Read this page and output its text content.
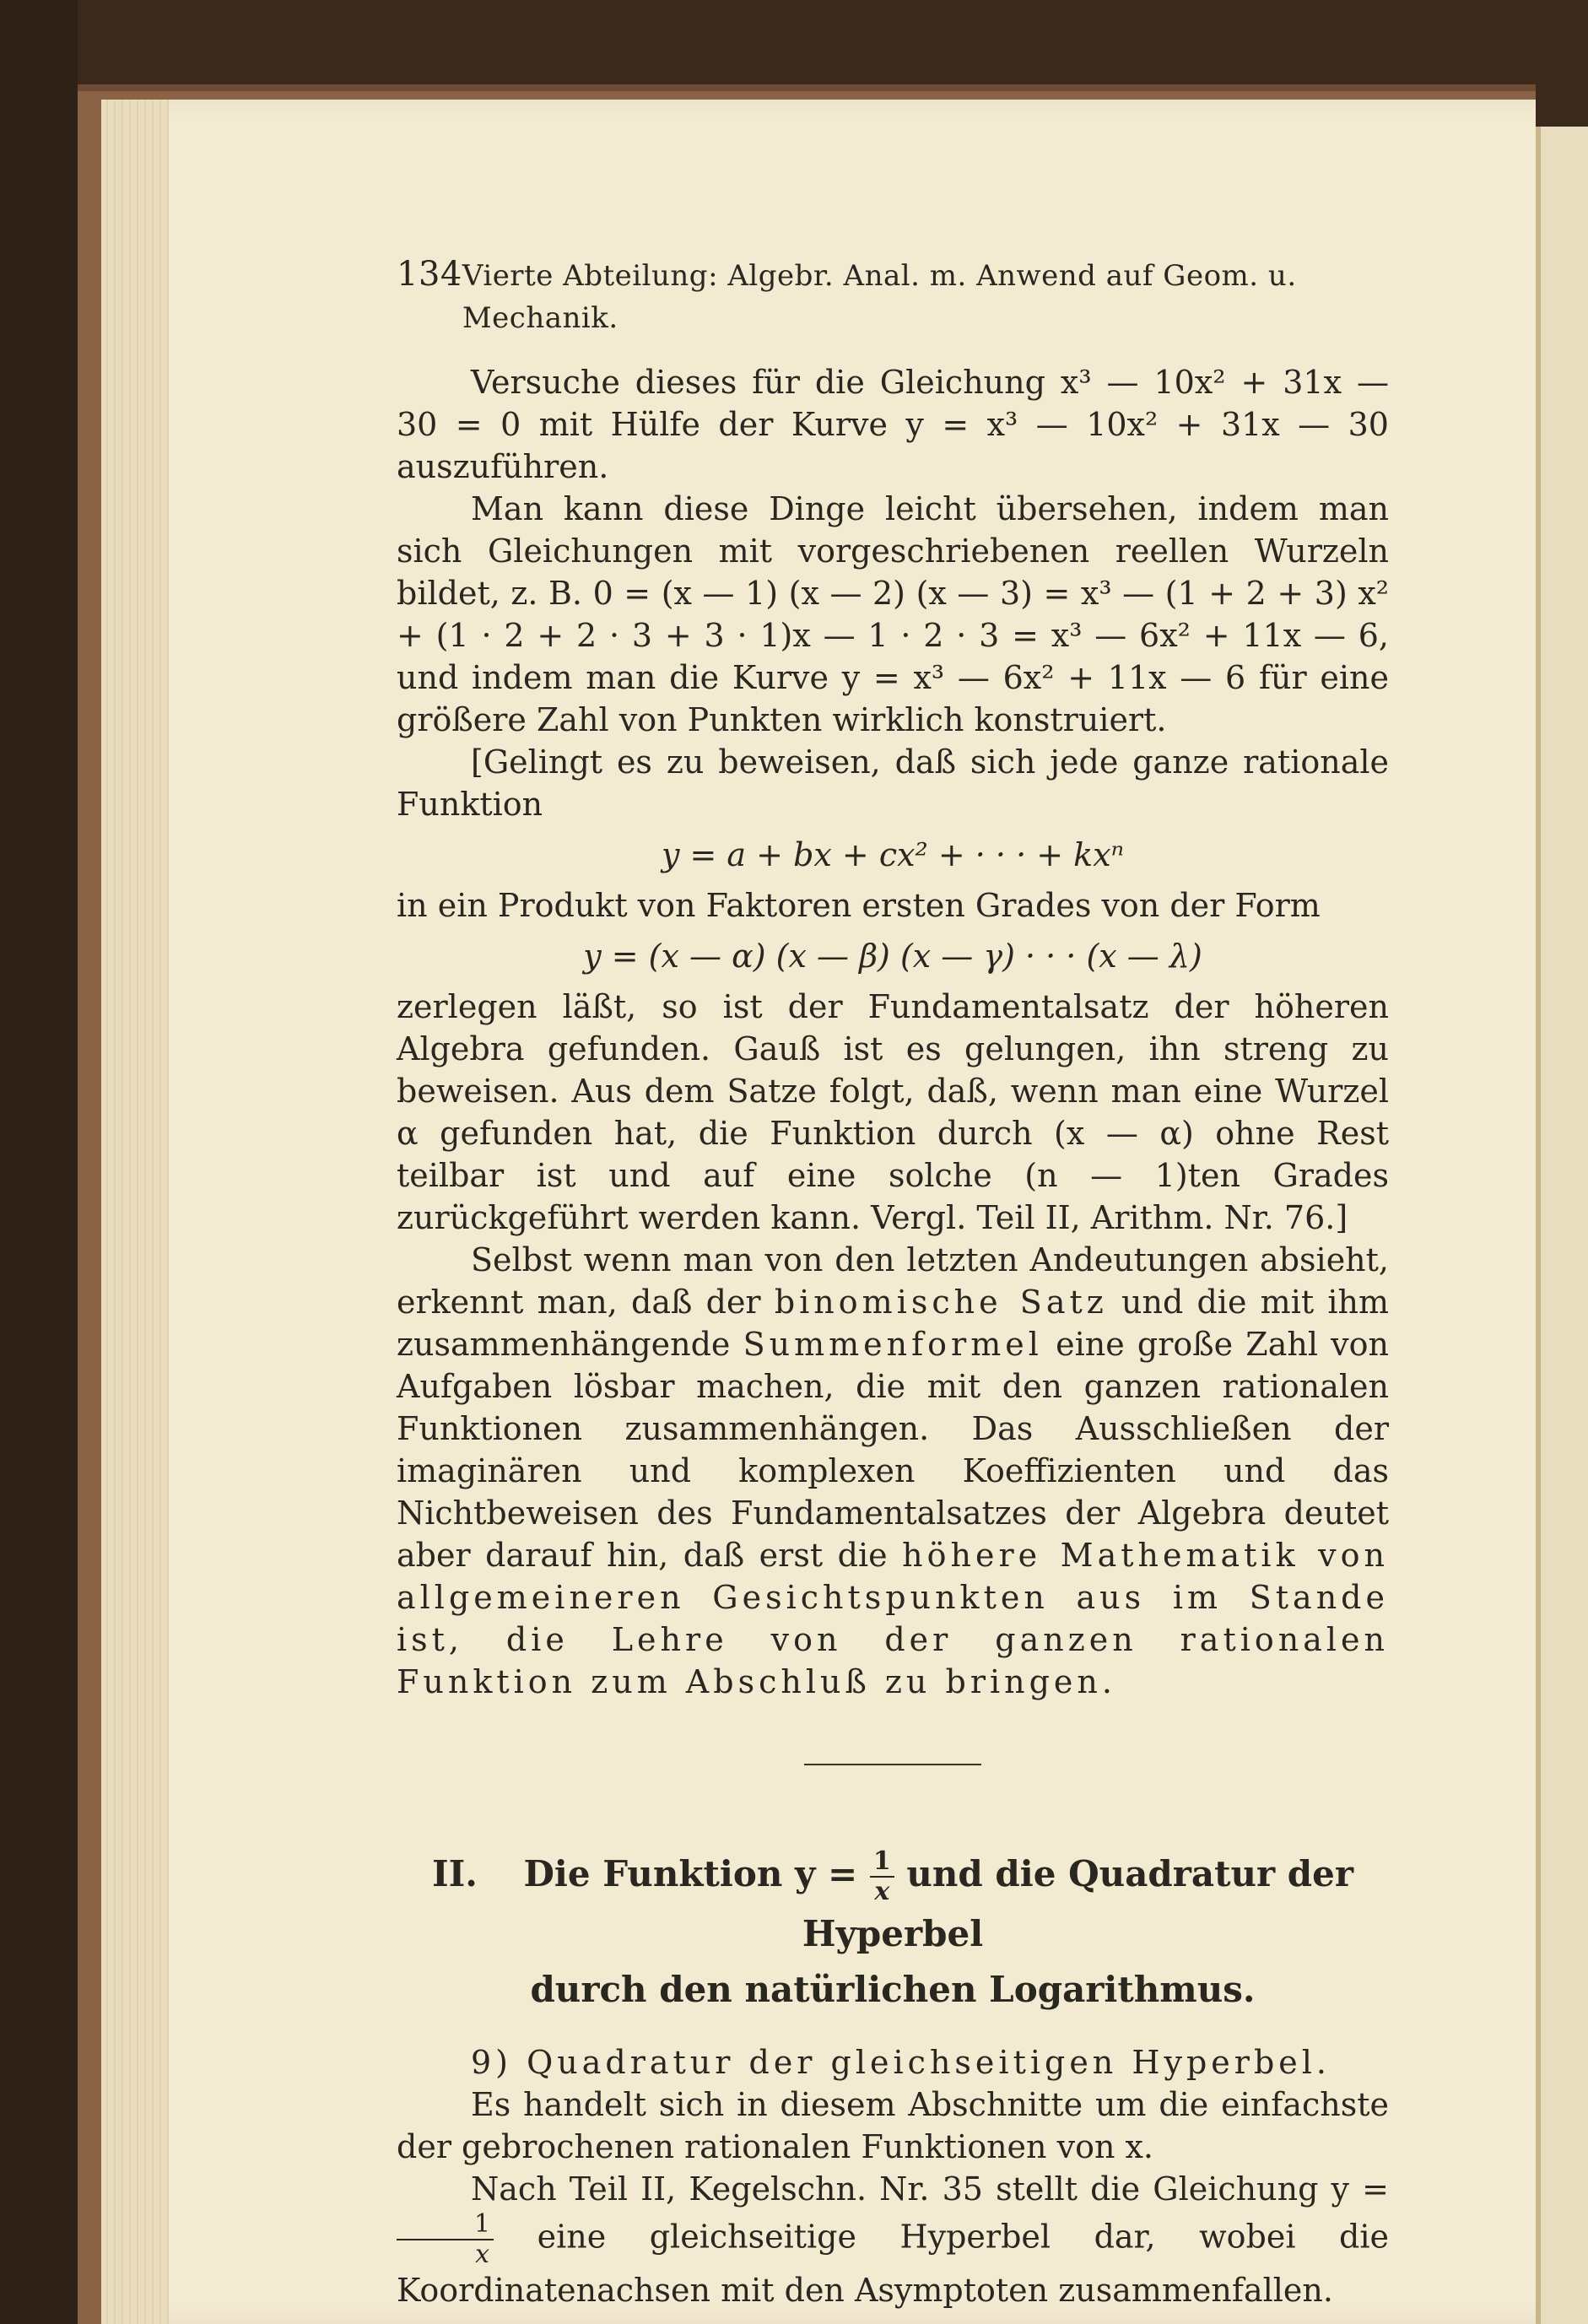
134 Vierte Abteilung: Algebr. Anal. m. Anwend auf Geom. u. Mechanik.

Versuche dieses für die Gleichung x³ — 10x² + 31x — 30 = 0 mit Hülfe der Kurve y = x³ — 10x² + 31x — 30 auszuführen.

Man kann diese Dinge leicht übersehen, indem man sich Gleichungen mit vorgeschriebenen reellen Wurzeln bildet, z. B. 0 = (x — 1) (x — 2) (x — 3) = x³ — (1 + 2 + 3) x² + (1 · 2 + 2 · 3 + 3 · 1)x — 1 · 2 · 3 = x³ — 6x² + 11x — 6, und indem man die Kurve y = x³ — 6x² + 11x — 6 für eine größere Zahl von Punkten wirklich konstruiert.

[Gelingt es zu beweisen, daß sich jede ganze rationale Funktion

y = a + bx + cx² + · · · + kxⁿ

in ein Produkt von Faktoren ersten Grades von der Form

y = (x — α) (x — β) (x — γ) · · · (x — λ)

zerlegen läßt, so ist der Fundamentalsatz der höheren Algebra gefunden. Gauß ist es gelungen, ihn streng zu beweisen. Aus dem Satze folgt, daß, wenn man eine Wurzel α gefunden hat, die Funktion durch (x — α) ohne Rest teilbar ist und auf eine solche (n — 1)ten Grades zurückgeführt werden kann. Vergl. Teil II, Arithm. Nr. 76.]

Selbst wenn man von den letzten Andeutungen absieht, erkennt man, daß der binomische Satz und die mit ihm zusammenhängende Summenformel eine große Zahl von Aufgaben lösbar machen, die mit den ganzen rationalen Funktionen zusammenhängen. Das Ausschließen der imaginären und komplexen Koeffizienten und das Nichtbeweisen des Fundamentalsatzes der Algebra deutet aber darauf hin, daß erst die höhere Mathematik von allgemeineren Gesichtspunkten aus im Stande ist, die Lehre von der ganzen rationalen Funktion zum Abschluß zu bringen.

II. Die Funktion $y = \frac{1}{x}$ und die Quadratur der Hyperbel
durch den natürlichen Logarithmus.

9) Quadratur der gleichseitigen Hyperbel.

Es handelt sich in diesem Abschnitte um die einfachste der gebrochenen rationalen Funktionen von x.

Nach Teil II, Kegelschn. Nr. 35 stellt die Gleichung y =
$\frac{1}{x}$ eine gleichseitige Hyperbel dar, wobei die Koordinatenachsen mit den Asymptoten zusammenfallen.
